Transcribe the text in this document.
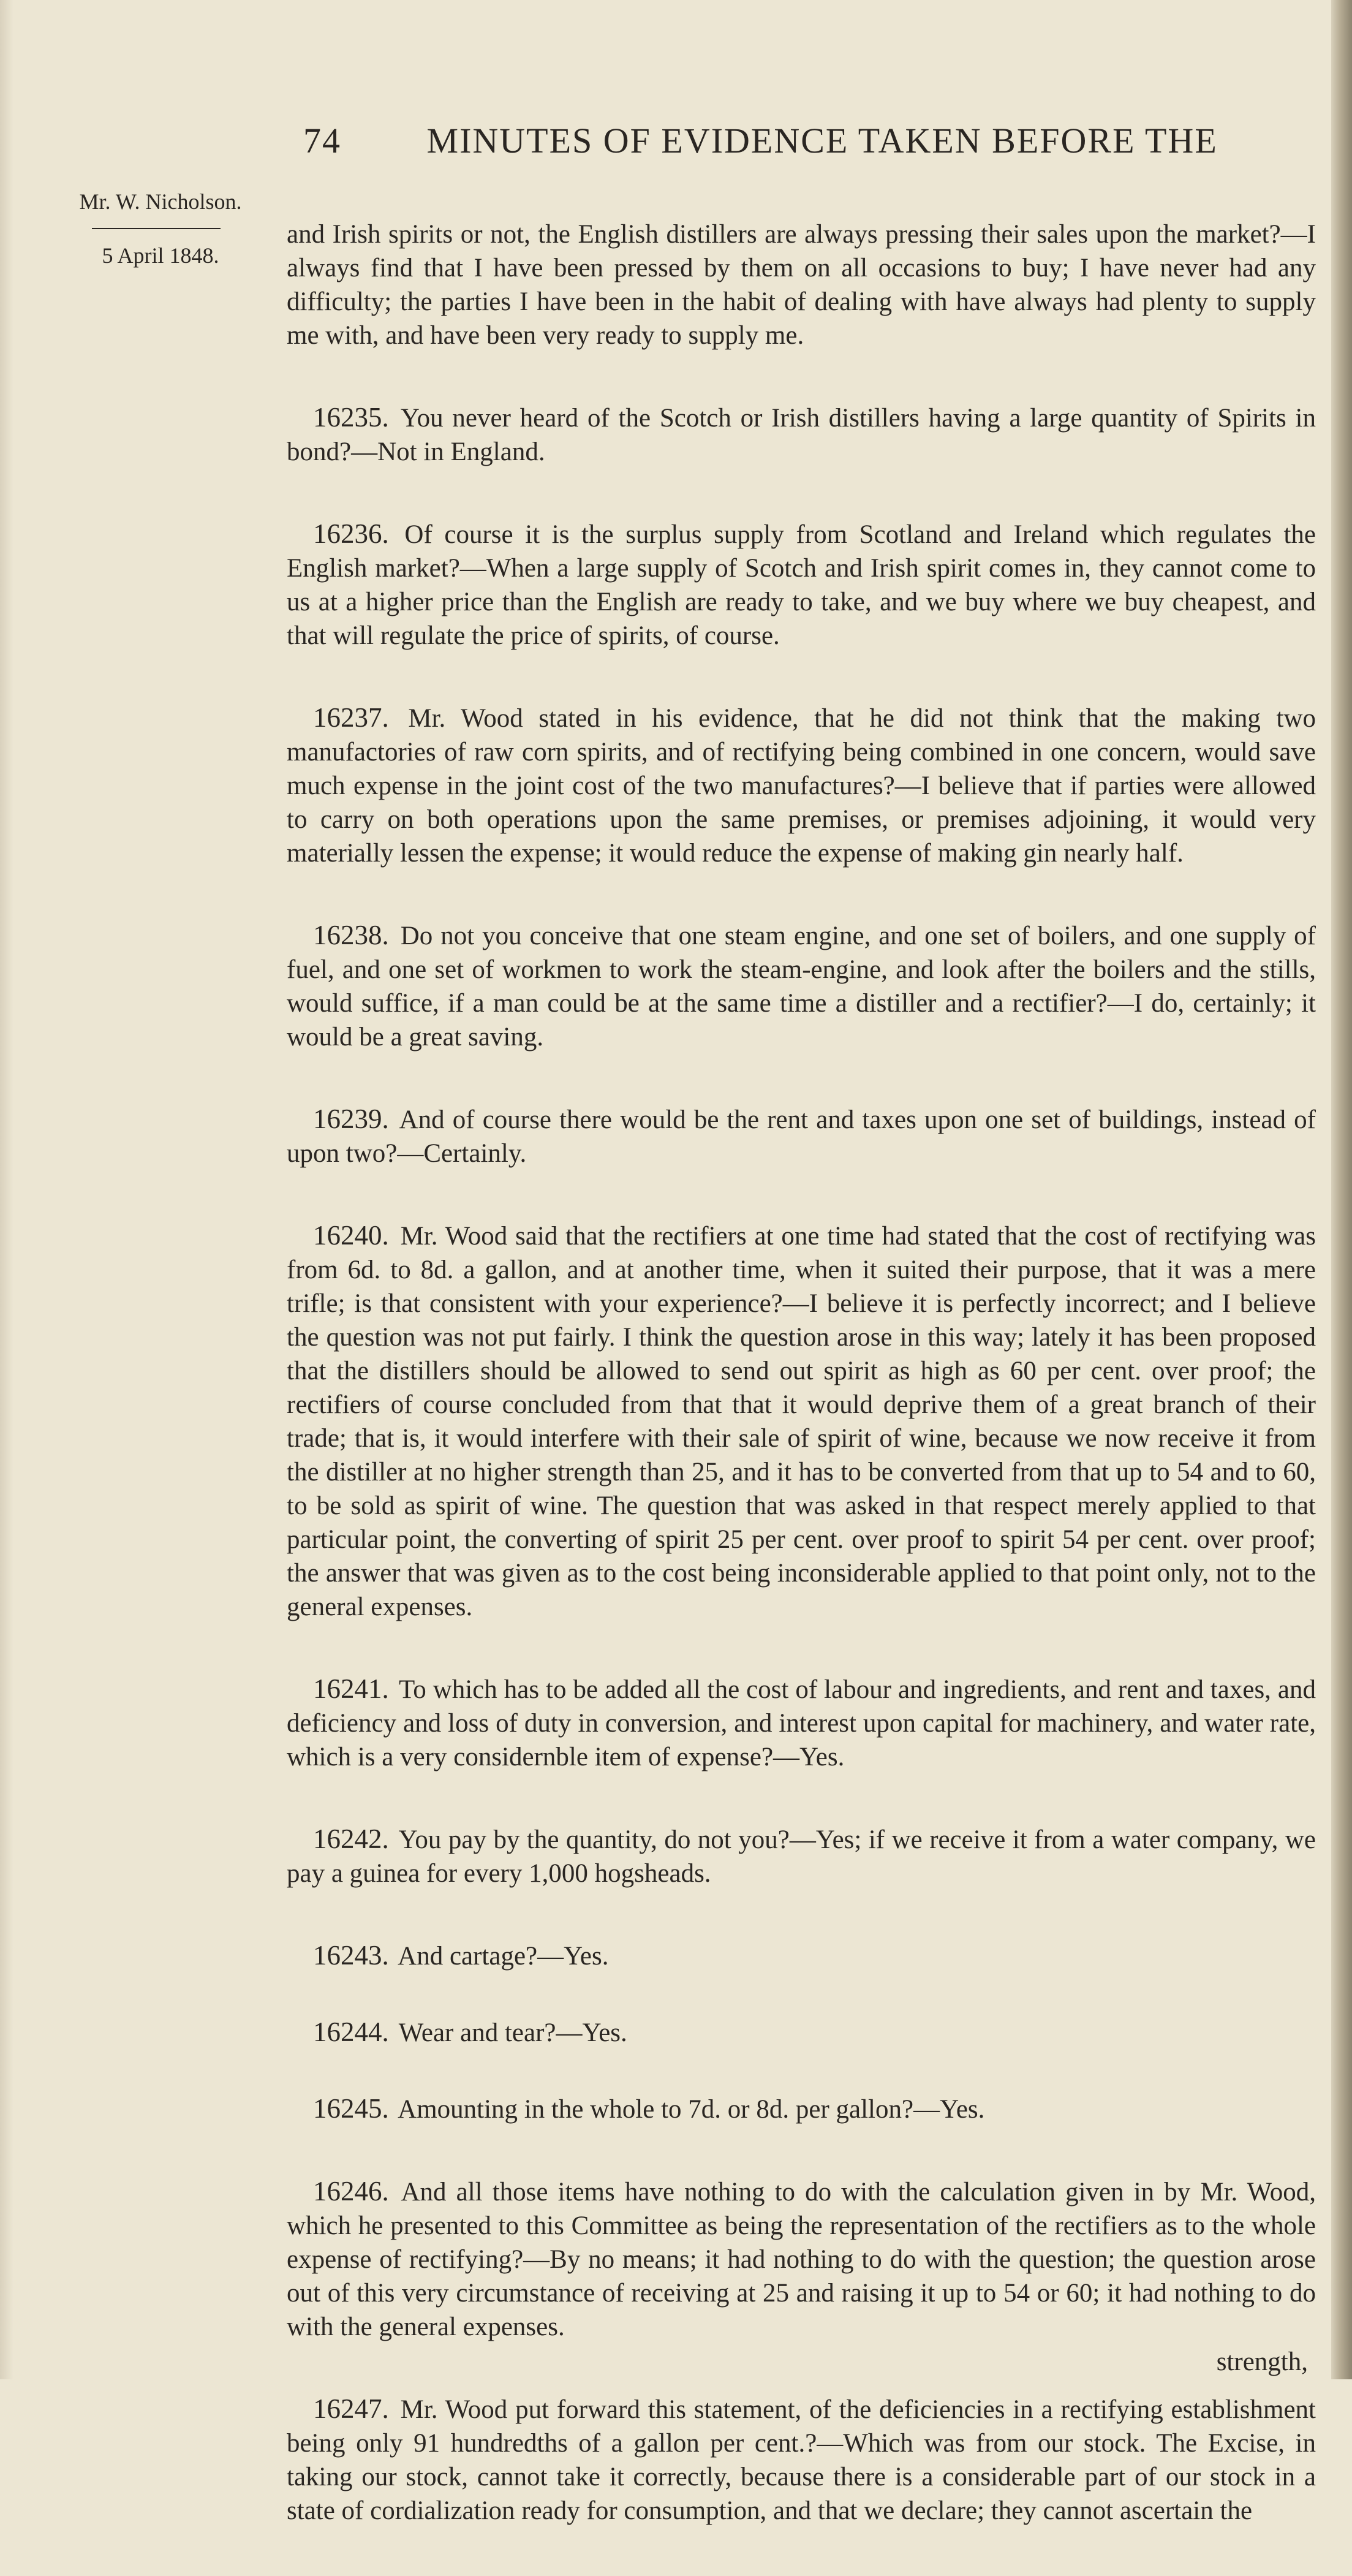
74 MINUTES OF EVIDENCE TAKEN BEFORE THE
Mr. W. Nicholson.
5 April 1848.

and Irish spirits or not, the English distillers are always pressing their sales upon the market?—I always find that I have been pressed by them on all occasions to buy; I have never had any difficulty; the parties I have been in the habit of dealing with have always had plenty to supply me with, and have been very ready to supply me.

 16235. You never heard of the Scotch or Irish distillers having a large quantity of Spirits in bond?—Not in England.

 16236. Of course it is the surplus supply from Scotland and Ireland which regulates the English market?—When a large supply of Scotch and Irish spirit comes in, they cannot come to us at a higher price than the English are ready to take, and we buy where we buy cheapest, and that will regulate the price of spirits, of course.

 16237. Mr. Wood stated in his evidence, that he did not think that the making two manufactories of raw corn spirits, and of rectifying being combined in one concern, would save much expense in the joint cost of the two manufactures?—I believe that if parties were allowed to carry on both operations upon the same premises, or premises adjoining, it would very materially lessen the expense; it would reduce the expense of making gin nearly half.

 16238. Do not you conceive that one steam engine, and one set of boilers, and one supply of fuel, and one set of workmen to work the steam-engine, and look after the boilers and the stills, would suffice, if a man could be at the same time a distiller and a rectifier?—I do, certainly; it would be a great saving.

 16239. And of course there would be the rent and taxes upon one set of buildings, instead of upon two?—Certainly.

 16240. Mr. Wood said that the rectifiers at one time had stated that the cost of rectifying was from 6d. to 8d. a gallon, and at another time, when it suited their purpose, that it was a mere trifle; is that consistent with your experience?—I believe it is perfectly incorrect; and I believe the question was not put fairly. I think the question arose in this way; lately it has been proposed that the distillers should be allowed to send out spirit as high as 60 per cent. over proof; the rectifiers of course concluded from that that it would deprive them of a great branch of their trade; that is, it would interfere with their sale of spirit of wine, because we now receive it from the distiller at no higher strength than 25, and it has to be converted from that up to 54 and to 60, to be sold as spirit of wine. The question that was asked in that respect merely applied to that particular point, the converting of spirit 25 per cent. over proof to spirit 54 per cent. over proof; the answer that was given as to the cost being inconsiderable applied to that point only, not to the general expenses.

 16241. To which has to be added all the cost of labour and ingredients, and rent and taxes, and deficiency and loss of duty in conversion, and interest upon capital for machinery, and water rate, which is a very considernble item of expense?—Yes.

 16242. You pay by the quantity, do not you?—Yes; if we receive it from a water company, we pay a guinea for every 1,000 hogsheads.

 16243. And cartage?—Yes.

 16244. Wear and tear?—Yes.

 16245. Amounting in the whole to 7d. or 8d. per gallon?—Yes.

 16246. And all those items have nothing to do with the calculation given in by Mr. Wood, which he presented to this Committee as being the representation of the rectifiers as to the whole expense of rectifying?—By no means; it had nothing to do with the question; the question arose out of this very circumstance of receiving at 25 and raising it up to 54 or 60; it had nothing to do with the general expenses.

 16247. Mr. Wood put forward this statement, of the deficiencies in a rectifying establishment being only 91 hundredths of a gallon per cent.?—Which was from our stock. The Excise, in taking our stock, cannot take it correctly, because there is a considerable part of our stock in a state of cordialization ready for consumption, and that we declare; they cannot ascertain the

strength,
